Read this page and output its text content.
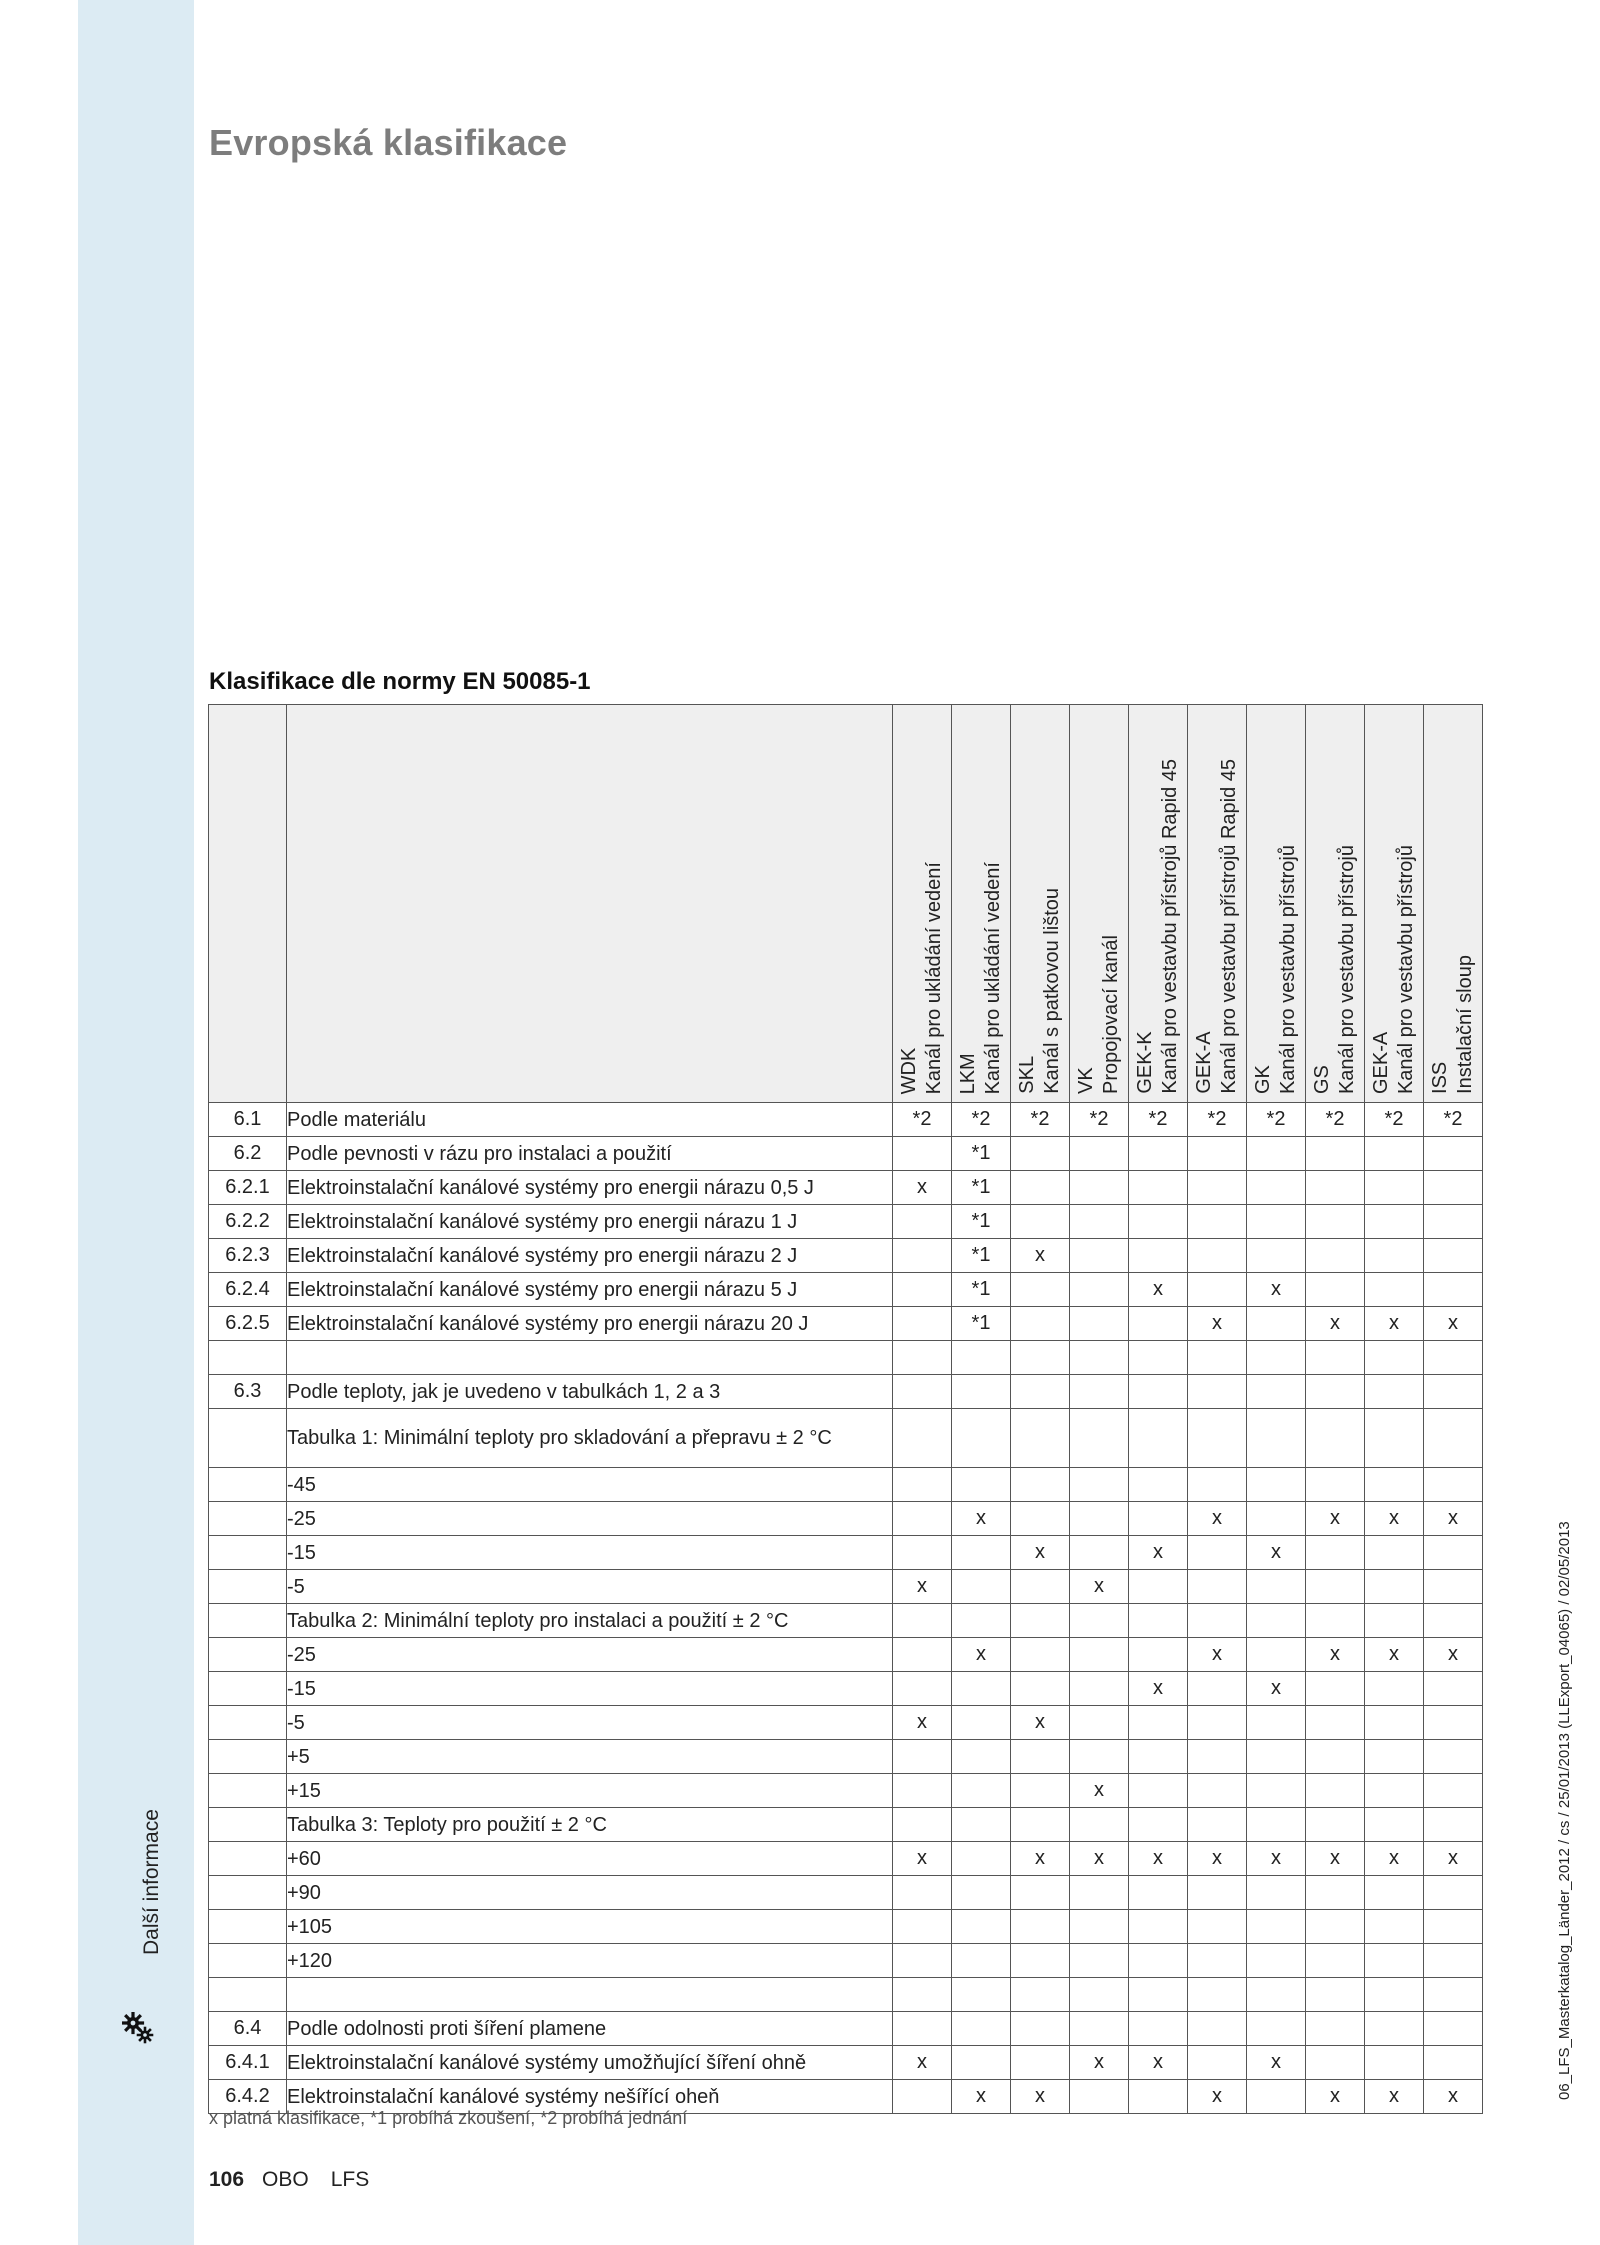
Další informace
Evropská klasifikace
Klasifikace dle normy EN 50085-1

		WDK Kanál pro ukládání vedení	LKM Kanál pro ukládání vedení	SKL Kanál s patkovou lištou	VK Propojovací kanál	GEK-K Kanál pro vestavbu přístrojů Rapid 45	GEK-A Kanál pro vestavbu přístrojů Rapid 45	GK Kanál pro vestavbu přístrojů	GS Kanál pro vestavbu přístrojů	GEK-A Kanál pro vestavbu přístrojů	ISS Instalační sloup

6.1	Podle materiálu	*2	*2	*2	*2	*2	*2	*2	*2	*2	*2
6.2	Podle pevnosti v rázu pro instalaci a použití		*1								
6.2.1	Elektroinstalační kanálové systémy pro energii nárazu 0,5 J	x	*1								
6.2.2	Elektroinstalační kanálové systémy pro energii nárazu 1 J		*1								
6.2.3	Elektroinstalační kanálové systémy pro energii nárazu 2 J		*1	x							
6.2.4	Elektroinstalační kanálové systémy pro energii nárazu 5 J		*1			x		x			
6.2.5	Elektroinstalační kanálové systémy pro energii nárazu 20 J		*1				x		x	x	x

6.3	Podle teploty, jak je uvedeno v tabulkách 1, 2 a 3										
	Tabulka 1: Minimální teploty pro skladování a přepravu ± 2 °C										
	-45										
	-25		x				x		x	x	x
	-15			x		x		x			
	-5	x			x						
	Tabulka 2: Minimální teploty pro instalaci a použití ± 2 °C										
	-25		x				x		x	x	x
	-15					x		x			
	-5	x		x							
	+5										
	+15				x						
	Tabulka 3: Teploty pro použití ± 2 °C										
	+60	x		x	x	x	x	x	x	x	x
	+90										
	+105										
	+120										

6.4	Podle odolnosti proti šíření plamene										
6.4.1	Elektroinstalační kanálové systémy umožňující šíření ohně	x			x	x		x			
6.4.2	Elektroinstalační kanálové systémy nešířící oheň		x	x			x		x	x	x

x platná klasifikace, *1 probíhá zkoušení, *2 probíhá jednání

106 OBO LFS
06_LFS_Masterkatalog_Länder_2012 / cs / 25/01/2013 (LLExport_04065) / 02/05/2013
